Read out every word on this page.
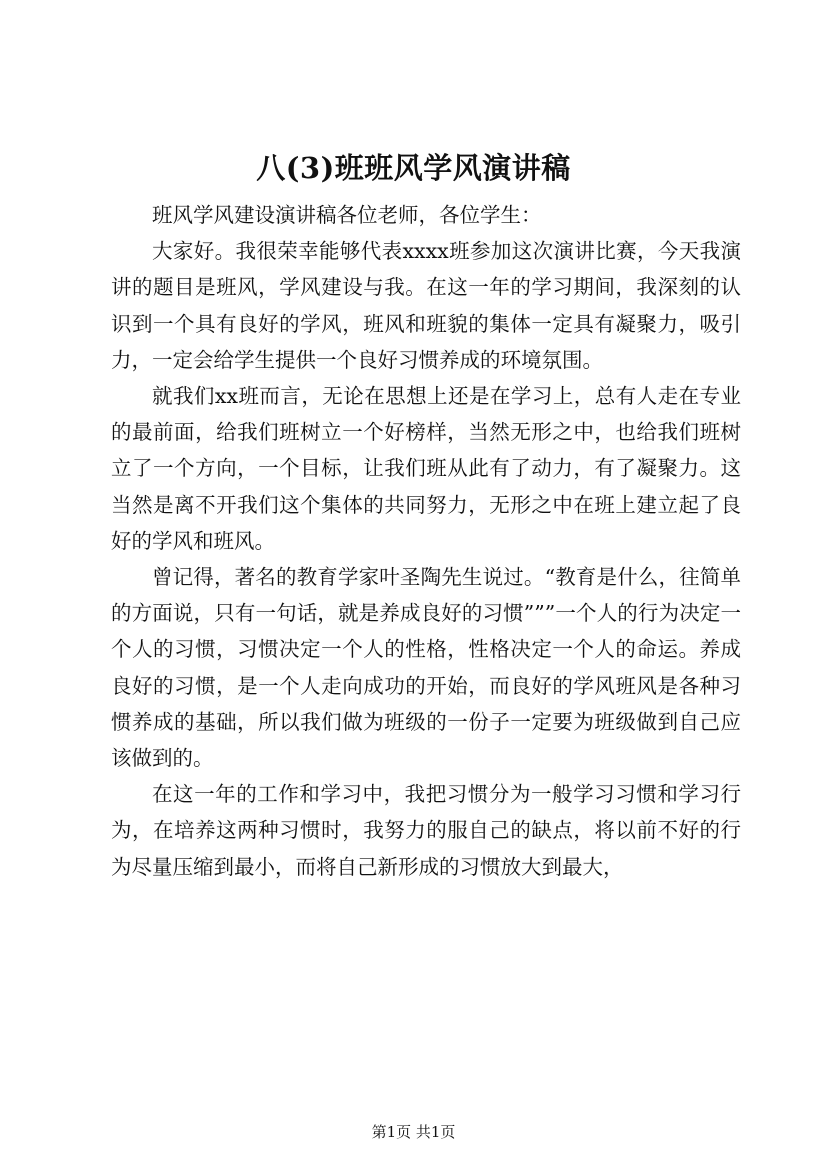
八(3)班班风学风演讲稿

班风学风建设演讲稿各位老师，各位学生：

大家好。我很荣幸能够代表xxxx班参加这次演讲比赛，今天我演讲的题目是班风，学风建设与我。在这一年的学习期间，我深刻的认识到一个具有良好的学风，班风和班貌的集体一定具有凝聚力，吸引力，一定会给学生提供一个良好习惯养成的环境氛围。

就我们xx班而言，无论在思想上还是在学习上，总有人走在专业的最前面，给我们班树立一个好榜样，当然无形之中，也给我们班树立了一个方向，一个目标，让我们班从此有了动力，有了凝聚力。这当然是离不开我们这个集体的共同努力，无形之中在班上建立起了良好的学风和班风。

曾记得，著名的教育学家叶圣陶先生说过。“教育是什么，往简单的方面说，只有一句话，就是养成良好的习惯”””一个人的行为决定一个人的习惯，习惯决定一个人的性格，性格决定一个人的命运。养成良好的习惯，是一个人走向成功的开始，而良好的学风班风是各种习惯养成的基础，所以我们做为班级的一份子一定要为班级做到自己应该做到的。

在这一年的工作和学习中，我把习惯分为一般学习习惯和学习行为，在培养这两种习惯时，我努力的服自己的缺点，将以前不好的行为尽量压缩到最小，而将自己新形成的习惯放大到最大，

第1页 共1页
